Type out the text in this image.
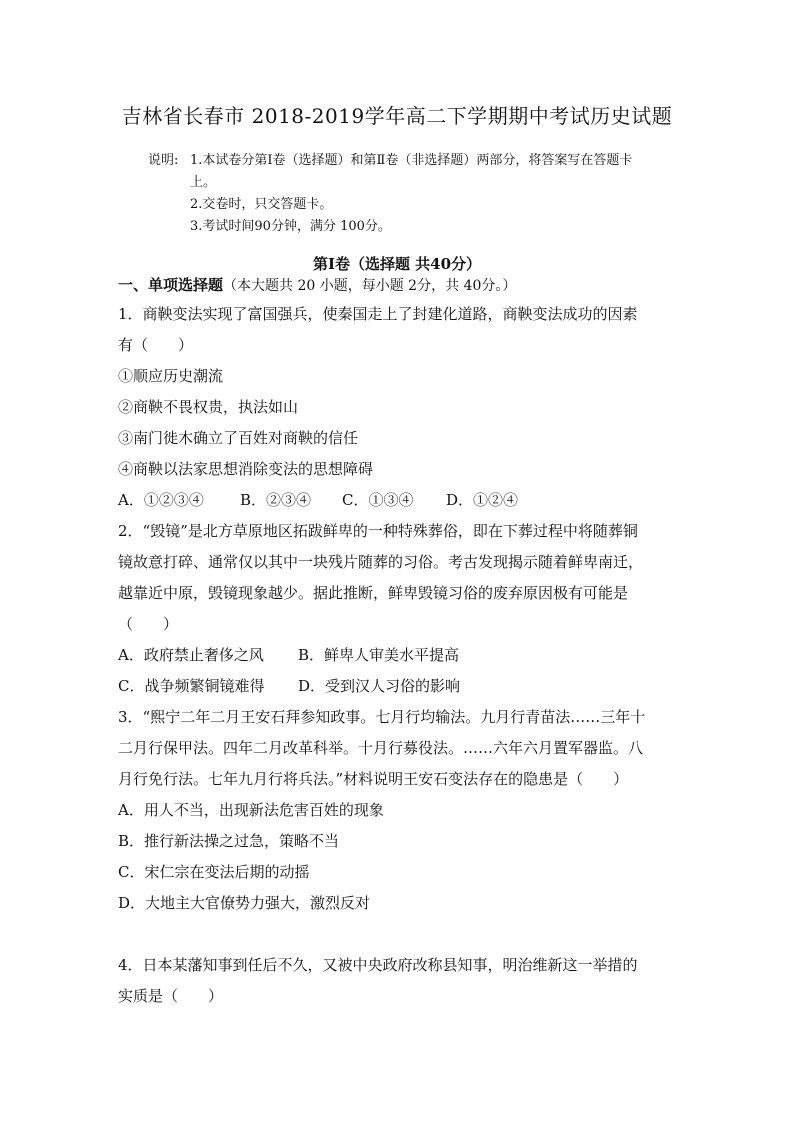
吉林省长春市 2018-2019学年高二下学期期中考试历史试题
说明: 1.本试卷分第Ⅰ卷（选择题）和第Ⅱ卷（非选择题）两部分，将答案写在答题卡
上。
2.交卷时，只交答题卡。
3.考试时间90分钟，满分 100分。
第Ⅰ卷（选择题 共40分）
一、单项选择题（本大题共 20 小题，每小题 2分，共 40分。）
1．商鞅变法实现了富国强兵，使秦国走上了封建化道路，商鞅变法成功的因素
有（　　）
①顺应历史潮流
②商鞅不畏权贵，执法如山
③南门徙木确立了百姓对商鞅的信任
④商鞅以法家思想消除变法的思想障碍
A．①②③④ B．②③④ C．①③④ D．①②④
2．“毁镜”是北方草原地区拓跋鲜卑的一种特殊葬俗，即在下葬过程中将随葬铜
镜故意打碎、通常仅以其中一块残片随葬的习俗。考古发现揭示随着鲜卑南迁，
越靠近中原，毁镜现象越少。据此推断，鲜卑毁镜习俗的废弃原因极有可能是
（　　）
A．政府禁止奢侈之风 B．鲜卑人审美水平提高
C．战争频繁铜镜难得 D．受到汉人习俗的影响
3．“熙宁二年二月王安石拜参知政事。七月行均输法。九月行青苗法……三年十
二月行保甲法。四年二月改革科举。十月行募役法。……六年六月置军器监。八
月行免行法。七年九月行将兵法。”材料说明王安石变法存在的隐患是（　　）
A．用人不当，出现新法危害百姓的现象
B．推行新法操之过急，策略不当
C．宋仁宗在变法后期的动摇
D．大地主大官僚势力强大，激烈反对
4．日本某藩知事到任后不久，又被中央政府改称县知事，明治维新这一举措的
实质是（　　）
